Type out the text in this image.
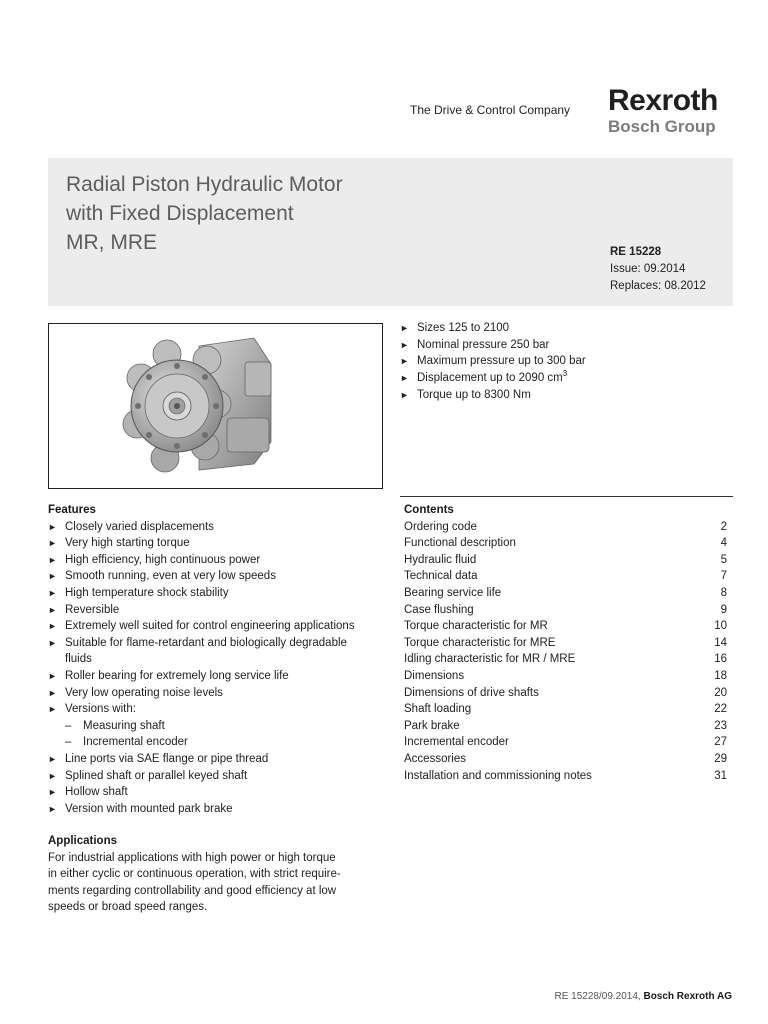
The Drive & Control Company Rexroth
Bosch Group
Radial Piston Hydraulic Motor
with Fixed Displacement
MR, MRE	RE 15228
Issue: 09.2014
Replaces: 08.2012
► Sizes 125 to 2100
► Nominal pressure 250 bar
► Maximum pressure up to 300 bar
► Displacement up to 2090 $cm^3$
► Torque up to 8300 Nm
Features
► Closely varied displacements
► Very high starting torque
► High efficiency, high continuous power
► Smooth running, even at very low speeds
► High temperature shock stability
► Reversible
► Extremely well suited for control engineering applications
► Suitable for flame-retardant and biologically degradable
fluids
► Roller bearing for extremely long service life
► Very low operating noise levels
► Versions with:
– Measuring shaft
– Incremental encoder
► Line ports via SAE flange or pipe thread
► Splined shaft or parallel keyed shaft
► Hollow shaft
► Version with mounted park brake
Applications
For industrial applications with high power or high torque
in either cyclic or continuous operation, with strict require-
ments regarding controllability and good efficiency at low
speeds or broad speed ranges.
Contents
Ordering code	2
Functional description	4
Hydraulic fluid	5
Technical data	7
Bearing service life	8
Case flushing	9
Torque characteristic for MR	10
Torque characteristic for MRE	14
Idling characteristic for MR / MRE	16
Dimensions	18
Dimensions of drive shafts	20
Shaft loading	22
Park brake	23
Incremental encoder	27
Accessories	29
Installation and commissioning notes	31
RE 15228/09.2014, Bosch Rexroth AG
